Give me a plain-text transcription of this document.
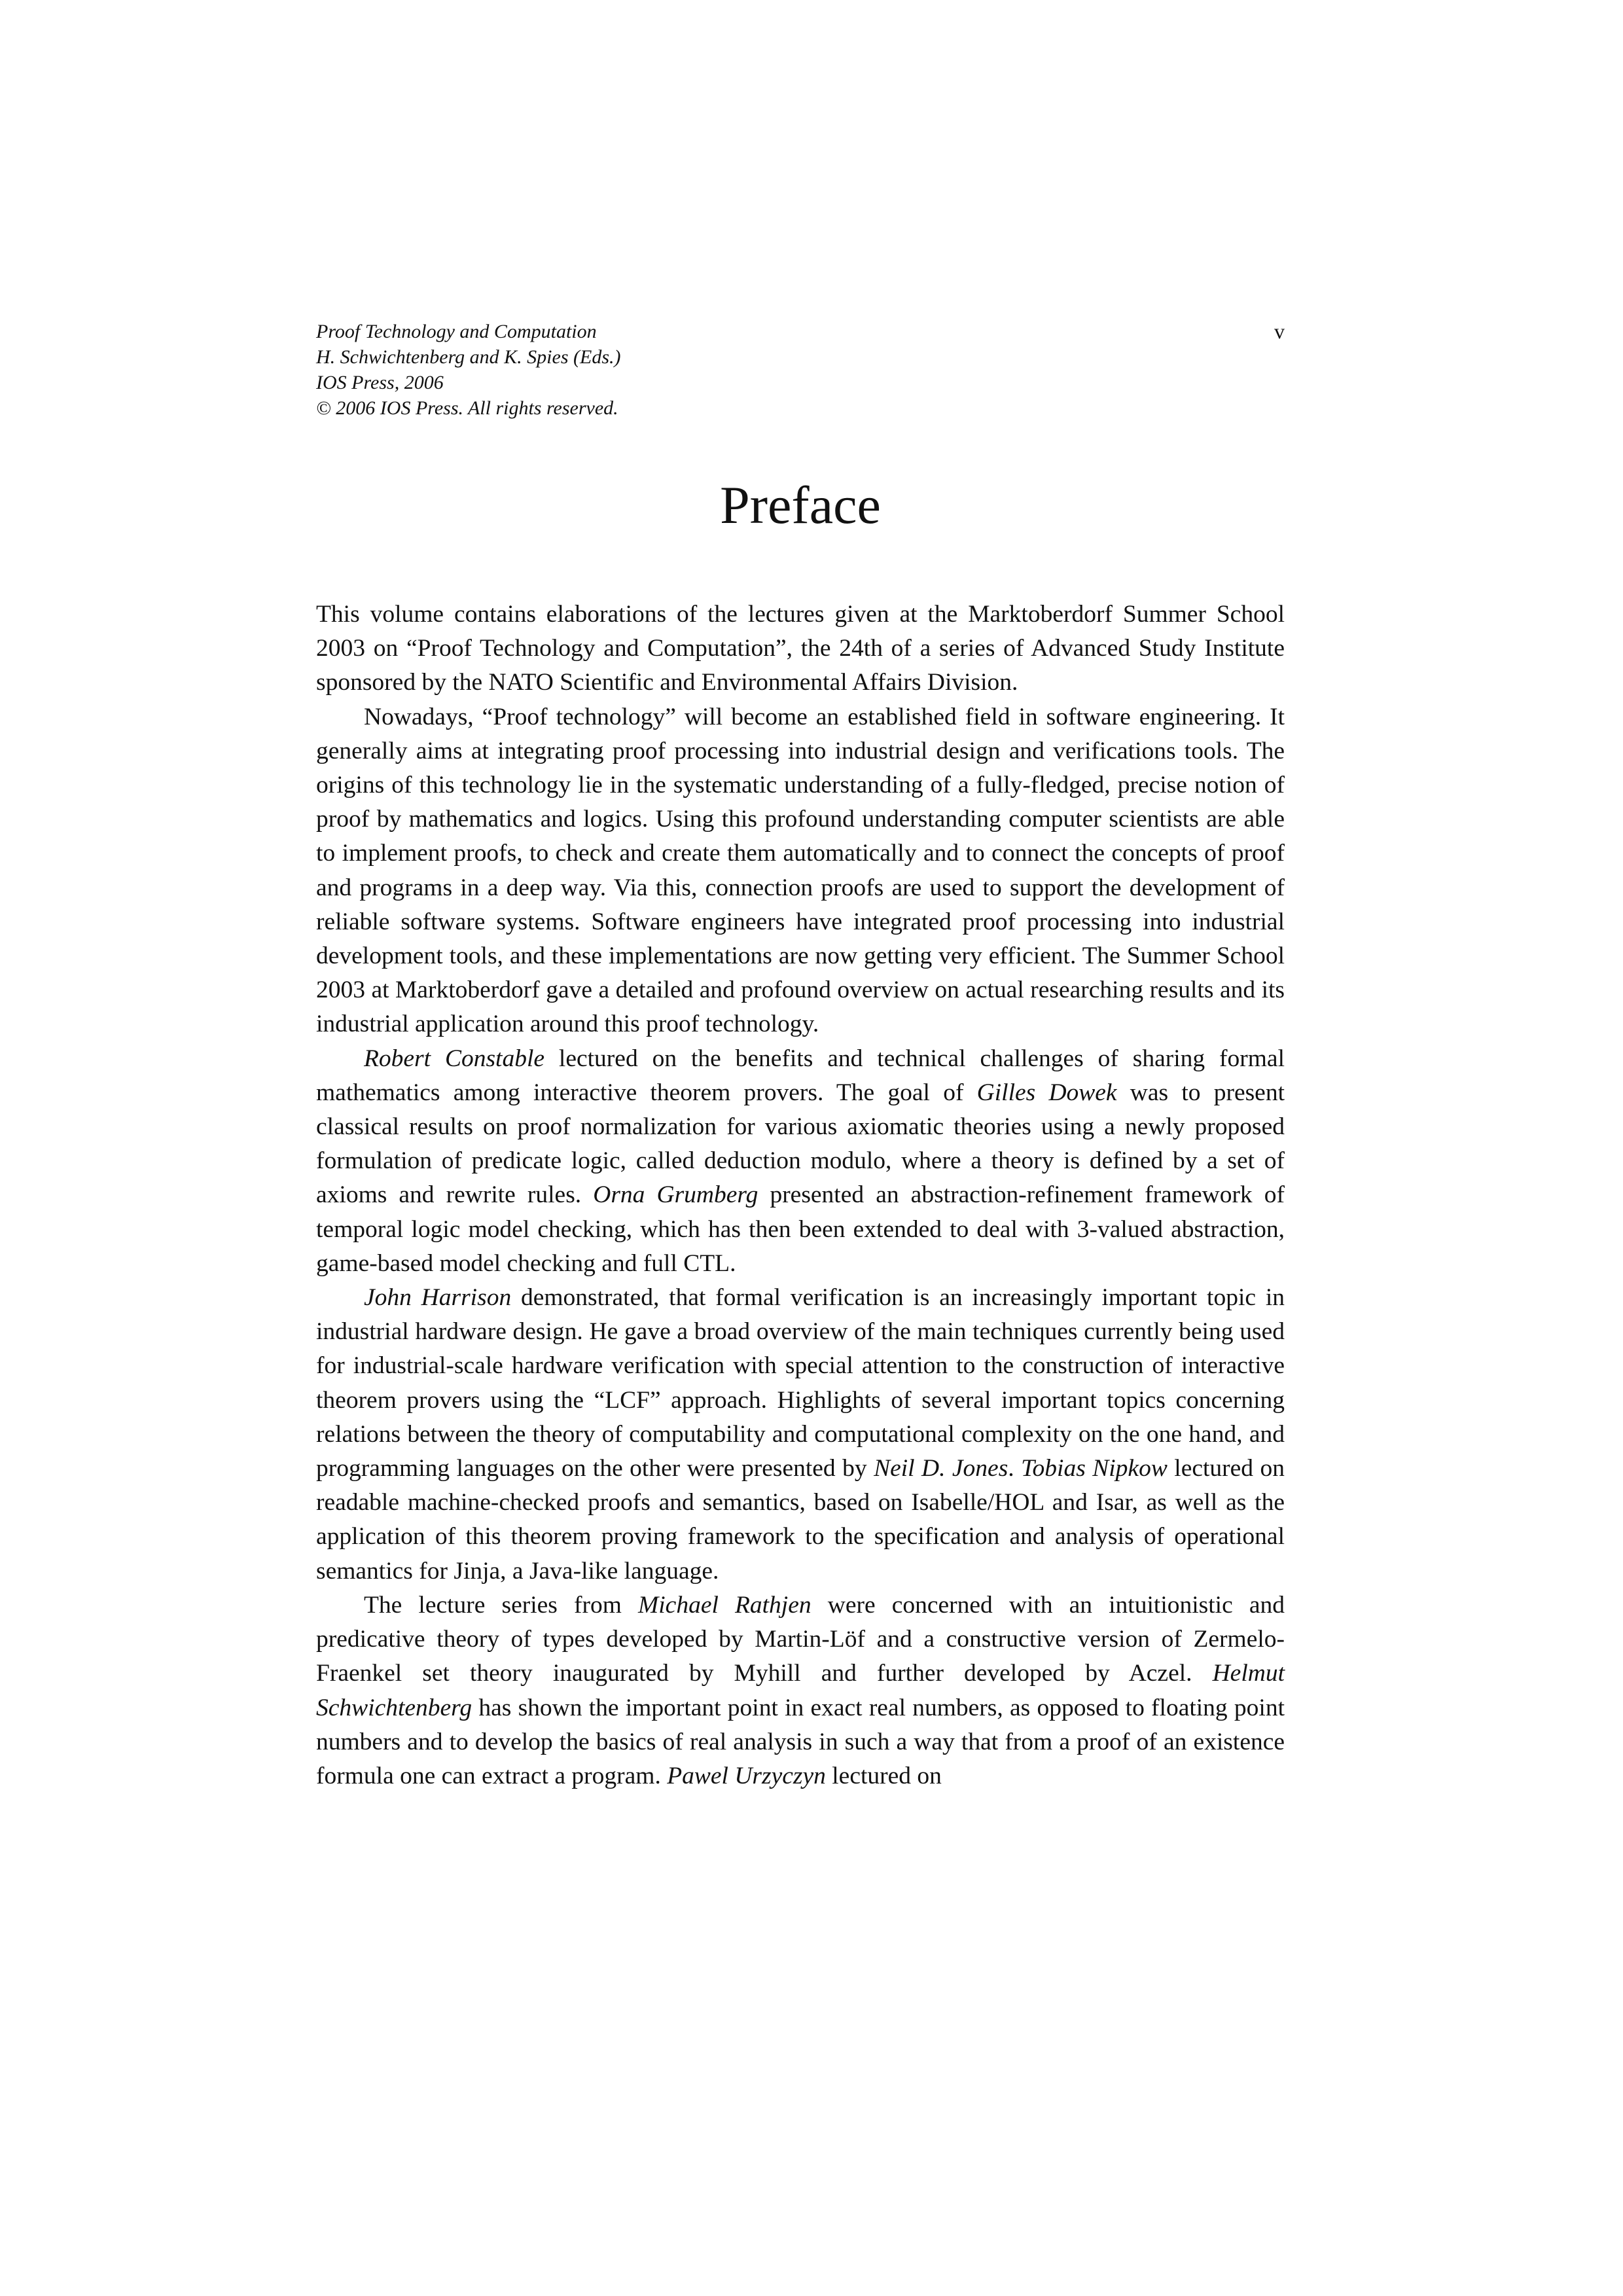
Proof Technology and Computation
H. Schwichtenberg and K. Spies (Eds.)
IOS Press, 2006
© 2006 IOS Press. All rights reserved.
v
Preface

This volume contains elaborations of the lectures given at the Marktoberdorf Summer School 2003 on “Proof Technology and Computation”, the 24th of a series of Advanced Study Institute sponsored by the NATO Scientific and Environmental Affairs Division.

Nowadays, “Proof technology” will become an established field in software engineering. It generally aims at integrating proof processing into industrial design and verifications tools. The origins of this technology lie in the systematic understanding of a fully-fledged, precise notion of proof by mathematics and logics. Using this profound understanding computer scientists are able to implement proofs, to check and create them automatically and to connect the concepts of proof and programs in a deep way. Via this, connection proofs are used to support the development of reliable software systems. Software engineers have integrated proof processing into industrial development tools, and these implementations are now getting very efficient. The Summer School 2003 at Marktoberdorf gave a detailed and profound overview on actual researching results and its industrial application around this proof technology.

Robert Constable lectured on the benefits and technical challenges of sharing formal mathematics among interactive theorem provers. The goal of Gilles Dowek was to present classical results on proof normalization for various axiomatic theories using a newly proposed formulation of predicate logic, called deduction modulo, where a theory is defined by a set of axioms and rewrite rules. Orna Grumberg presented an abstraction-refinement framework of temporal logic model checking, which has then been extended to deal with 3-valued abstraction, game-based model checking and full CTL.

John Harrison demonstrated, that formal verification is an increasingly important topic in industrial hardware design. He gave a broad overview of the main techniques currently being used for industrial-scale hardware verification with special attention to the construction of interactive theorem provers using the “LCF” approach. Highlights of several important topics concerning relations between the theory of computability and computational complexity on the one hand, and programming languages on the other were presented by Neil D. Jones. Tobias Nipkow lectured on readable machine-checked proofs and semantics, based on Isabelle/HOL and Isar, as well as the application of this theorem proving framework to the specification and analysis of operational semantics for Jinja, a Java-like language.

The lecture series from Michael Rathjen were concerned with an intuitionistic and predicative theory of types developed by Martin-Löf and a constructive version of Zermelo-Fraenkel set theory inaugurated by Myhill and further developed by Aczel. Helmut Schwichtenberg has shown the important point in exact real numbers, as opposed to floating point numbers and to develop the basics of real analysis in such a way that from a proof of an existence formula one can extract a program. Pawel Urzyczyn lectured on
